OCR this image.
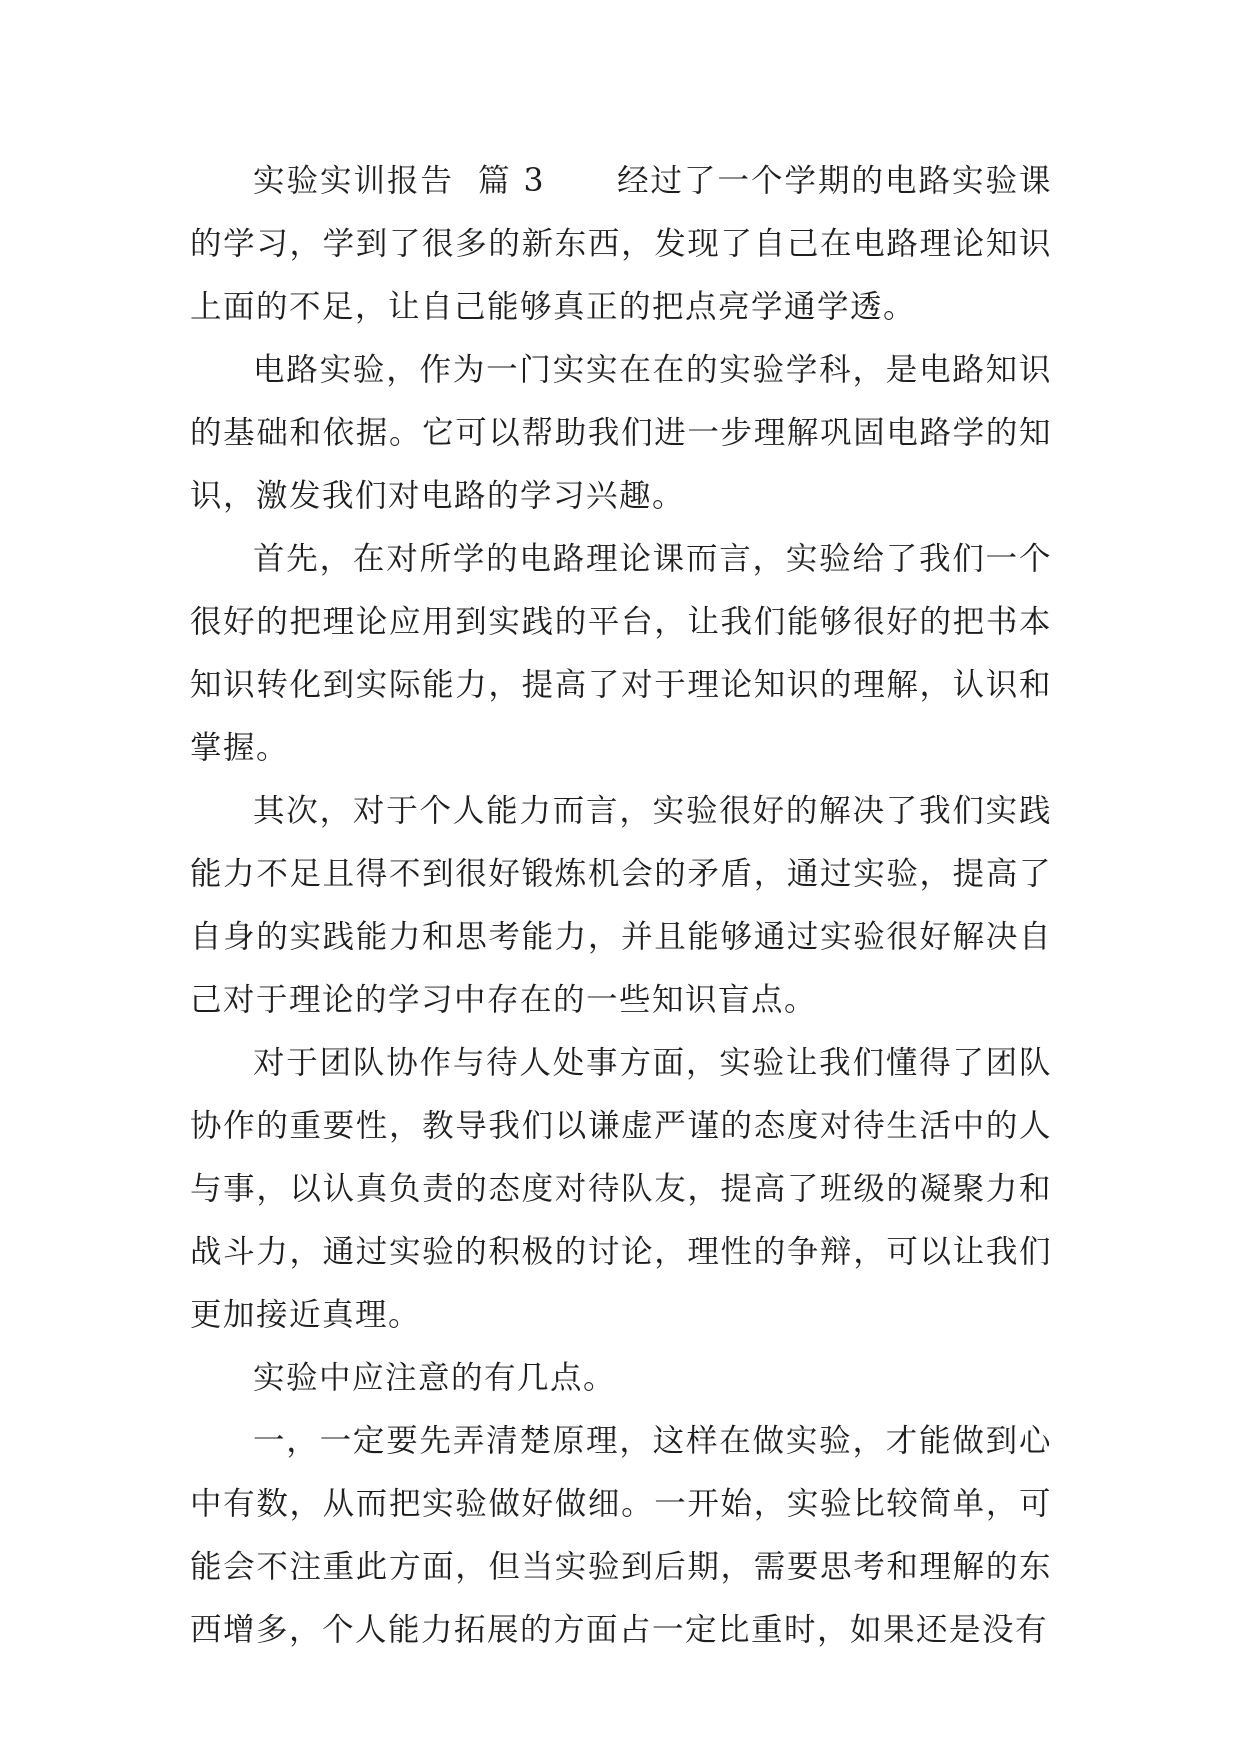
实验实训报告  篇 3 经过了一个学期的电路实验课的学习，学到了很多的新东西，发现了自己在电路理论知识上面的不足，让自己能够真正的把点亮学通学透。

电路实验，作为一门实实在在的实验学科，是电路知识的基础和依据。它可以帮助我们进一步理解巩固电路学的知识，激发我们对电路的学习兴趣。

首先，在对所学的电路理论课而言，实验给了我们一个很好的把理论应用到实践的平台，让我们能够很好的把书本知识转化到实际能力，提高了对于理论知识的理解，认识和掌握。

其次，对于个人能力而言，实验很好的解决了我们实践能力不足且得不到很好锻炼机会的矛盾，通过实验，提高了自身的实践能力和思考能力，并且能够通过实验很好解决自己对于理论的学习中存在的一些知识盲点。

对于团队协作与待人处事方面，实验让我们懂得了团队协作的重要性，教导我们以谦虚严谨的态度对待生活中的人与事，以认真负责的态度对待队友，提高了班级的凝聚力和战斗力，通过实验的积极的讨论，理性的争辩，可以让我们更加接近真理。

实验中应注意的有几点。

一，一定要先弄清楚原理，这样在做实验，才能做到心中有数，从而把实验做好做细。一开始，实验比较简单，可能会不注重此方面，但当实验到后期，需要思考和理解的东西增多，个人能力拓展的方面占一定比重时，如果还是没有
